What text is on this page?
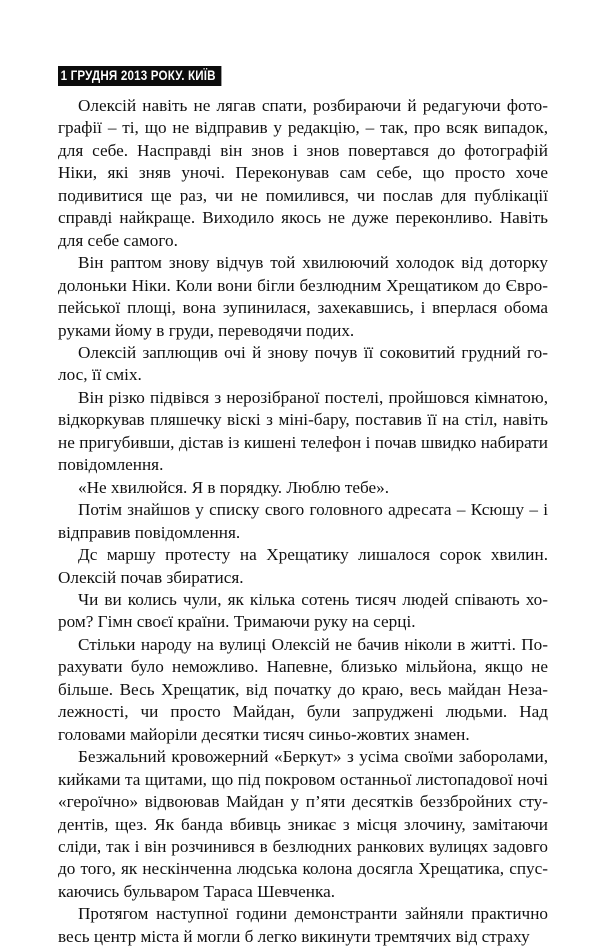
1 ГРУДНЯ 2013 РОКУ. КИЇВ

Олексій навіть не лягав спати, розбираючи й редагуючи фотографії – ті, що не відправив у редакцію, – так, про всяк випадок, для себе. Насправді він знов і знов повертався до фотографій Ніки, які зняв уночі. Переконував сам себе, що просто хоче подивитися ще раз, чи не помилився, чи послав для публікації справді найкраще. Виходило якось не дуже переконливо. Навіть для себе самого.

Він раптом знову відчув той хвилюючий холодок від доторку долоньки Ніки. Коли вони бігли безлюдним Хрещатиком до Європейської площі, вона зупинилася, захекавшись, і вперлася обома руками йому в груди, переводячи подих.

Олексій заплющив очі й знову почув її соковитий грудний голос, її сміх.

Він різко підвівся з нерозібраної постелі, пройшовся кімнатою, відкоркував пляшечку віскі з міні-бару, поставив її на стіл, навіть не пригубивши, дістав із кишені телефон і почав швидко набирати повідомлення.

«Не хвилюйся. Я в порядку. Люблю тебе».

Потім знайшов у списку свого головного адресата – Ксюшу – і відправив повідомлення.

Дс маршу протесту на Хрещатику лишалося сорок хвилин. Олексій почав збиратися.

Чи ви колись чули, як кілька сотень тисяч людей співають хором? Гімн своєї країни. Тримаючи руку на серці.

Стільки народу на вулиці Олексій не бачив ніколи в житті. Порахувати було неможливо. Напевне, близько мільйона, якщо не більше. Весь Хрещатик, від початку до краю, весь майдан Незалежності, чи просто Майдан, були запруджені людьми. Над головами майоріли десятки тисяч синьо-жовтих знамен.

Безжальний кровожерний «Беркут» з усіма своїми заборолами, кийками та щитами, що під покровом останньої листопадової ночі «героїчно» відвоював Майдан у п’яти десятків беззбройних студентів, щез. Як банда вбивць зникає з місця злочину, замітаючи сліди, так і він розчинився в безлюдних ранкових вулицях задовго до того, як нескінченна людська колона досягла Хрещатика, спускаючись бульваром Тараса Шевченка.

Протягом наступної години демонстранти зайняли практично весь центр міста й могли б легко викинути тремтячих від страху
